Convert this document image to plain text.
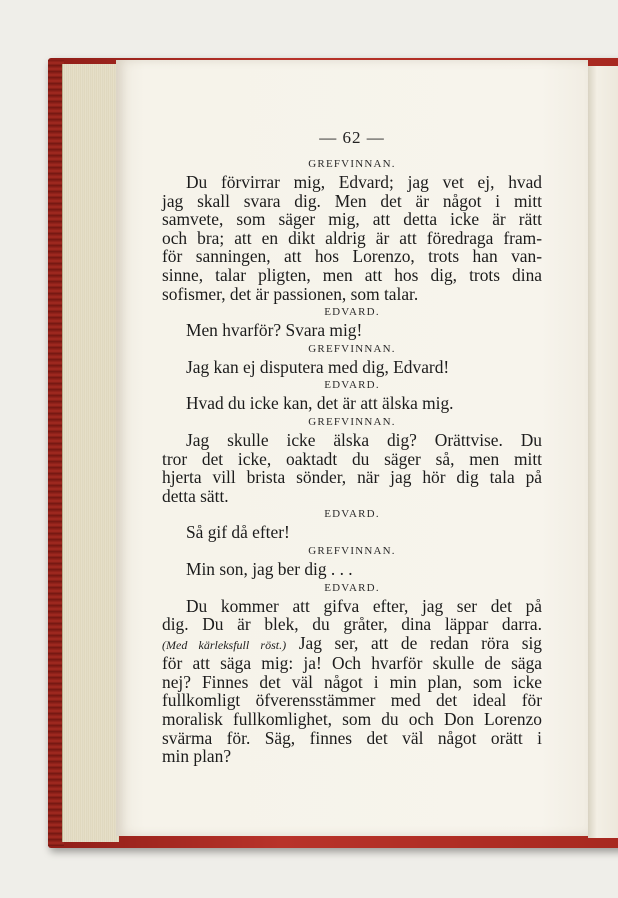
— 62 —
GREFVINNAN.
Du förvirrar mig, Edvard; jag vet ej, hvad
jag skall svara dig. Men det är något i mitt
samvete, som säger mig, att detta icke är rätt
och bra; att en dikt aldrig är att föredraga fram-
för sanningen, att hos Lorenzo, trots han van-
sinne, talar pligten, men att hos dig, trots dina
sofismer, det är passionen, som talar.
EDVARD.
Men hvarför? Svara mig!
GREFVINNAN.
Jag kan ej disputera med dig, Edvard!
EDVARD.
Hvad du icke kan, det är att älska mig.
GREFVINNAN.
Jag skulle icke älska dig? Orättvise. Du
tror det icke, oaktadt du säger så, men mitt
hjerta vill brista sönder, när jag hör dig tala på
detta sätt.
EDVARD.
Så gif då efter!
GREFVINNAN.
Min son, jag ber dig . . .
EDVARD.
Du kommer att gifva efter, jag ser det på
dig. Du är blek, du gråter, dina läppar darra.
(Med kärleksfull röst.) Jag ser, att de redan röra sig
för att säga mig: ja! Och hvarför skulle de säga
nej? Finnes det väl något i min plan, som icke
fullkomligt öfverensstämmer med det ideal för
moralisk fullkomlighet, som du och Don Lorenzo
svärma för. Säg, finnes det väl något orätt i
min plan?
